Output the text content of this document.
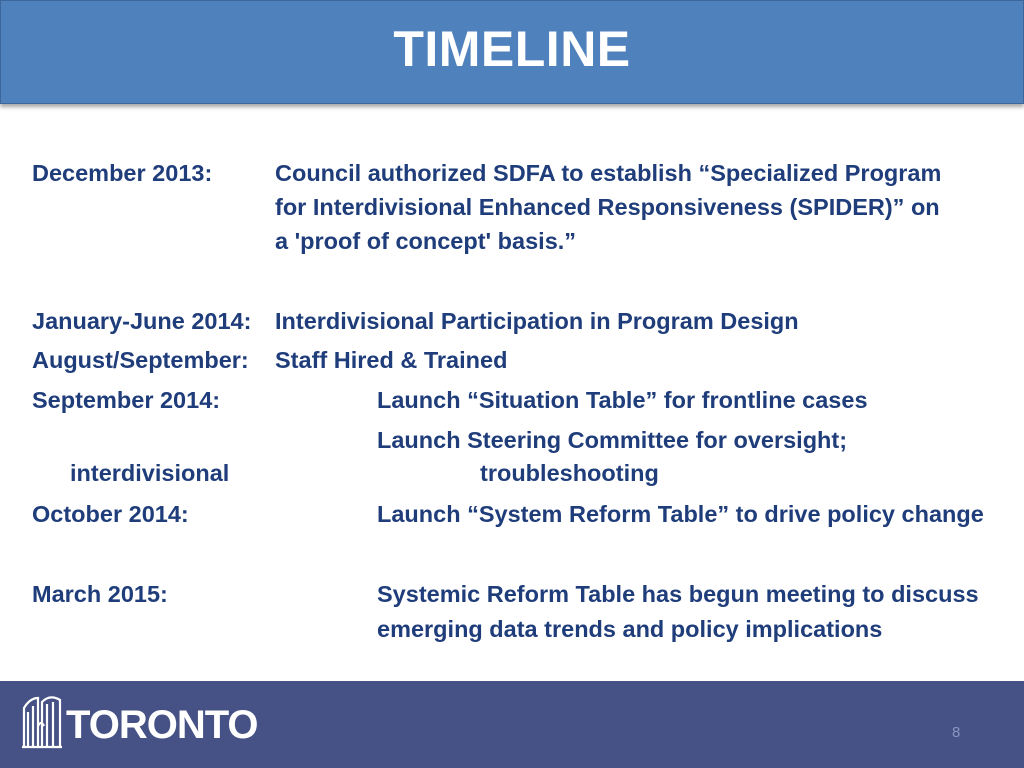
TIMELINE
December 2013:	Council authorized SDFA to establish “Specialized Program
for Interdivisional Enhanced Responsiveness (SPIDER)” on
a 'proof of concept' basis.”
January-June 2014: Interdivisional Participation in Program Design
August/September: Staff Hired & Trained
September 2014:	Launch “Situation Table” for frontline cases
Launch Steering Committee for oversight;
interdivisional	troubleshooting
October 2014:	Launch “System Reform Table” to drive policy change
March 2015:	Systemic Reform Table has begun meeting to discuss
emerging data trends and policy implications
TORONTO	8
